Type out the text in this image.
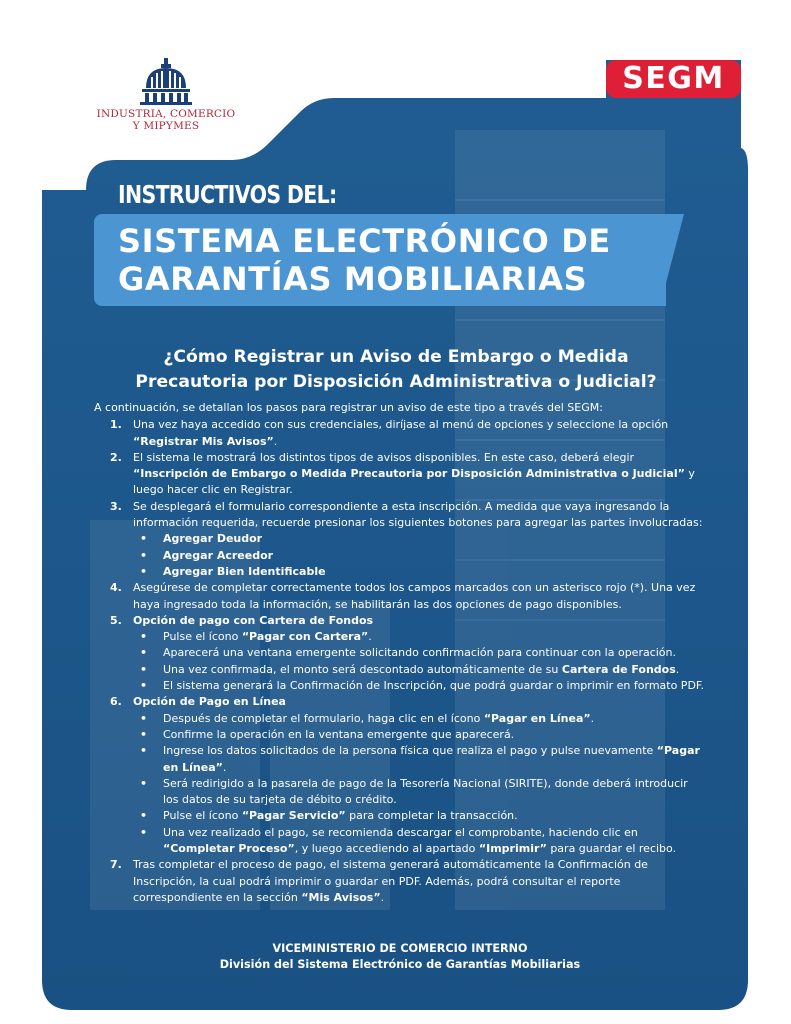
INDUSTRIA, COMERCIO
Y MIPYMES
SEGM
INSTRUCTIVOS DEL:
SISTEMA ELECTRÓNICO DE
GARANTÍAS MOBILIARIAS
¿Cómo Registrar un Aviso de Embargo o Medida
Precautoria por Disposición Administrativa o Judicial?

A continuación, se detallan los pasos para registrar un aviso de este tipo a través del SEGM:

1. Una vez haya accedido con sus credenciales, diríjase al menú de opciones y seleccione la opción “Registrar Mis Avisos”.
2. El sistema le mostrará los distintos tipos de avisos disponibles. En este caso, deberá elegir “Inscripción de Embargo o Medida Precautoria por Disposición Administrativa o Judicial” y luego hacer clic en Registrar.
3. Se desplegará el formulario correspondiente a esta inscripción. A medida que vaya ingresando la información requerida, recuerde presionar los siguientes botones para agregar las partes involucradas:
• Agregar Deudor
• Agregar Acreedor
• Agregar Bien Identificable
4. Asegúrese de completar correctamente todos los campos marcados con un asterisco rojo (*). Una vez haya ingresado toda la información, se habilitarán las dos opciones de pago disponibles.
5. Opción de pago con Cartera de Fondos
• Pulse el ícono “Pagar con Cartera”.
• Aparecerá una ventana emergente solicitando confirmación para continuar con la operación.
• Una vez confirmada, el monto será descontado automáticamente de su Cartera de Fondos.
• El sistema generará la Confirmación de Inscripción, que podrá guardar o imprimir en formato PDF.
6. Opción de Pago en Línea
• Después de completar el formulario, haga clic en el ícono “Pagar en Línea”.
• Confirme la operación en la ventana emergente que aparecerá.
• Ingrese los datos solicitados de la persona física que realiza el pago y pulse nuevamente “Pagar en Línea”.
• Será redirigido a la pasarela de pago de la Tesorería Nacional (SIRITE), donde deberá introducir los datos de su tarjeta de débito o crédito.
• Pulse el ícono “Pagar Servicio” para completar la transacción.
• Una vez realizado el pago, se recomienda descargar el comprobante, haciendo clic en “Completar Proceso”, y luego accediendo al apartado “Imprimir” para guardar el recibo.
7. Tras completar el proceso de pago, el sistema generará automáticamente la Confirmación de Inscripción, la cual podrá imprimir o guardar en PDF. Además, podrá consultar el reporte correspondiente en la sección “Mis Avisos”.
VICEMINISTERIO DE COMERCIO INTERNO
División del Sistema Electrónico de Garantías Mobiliarias
